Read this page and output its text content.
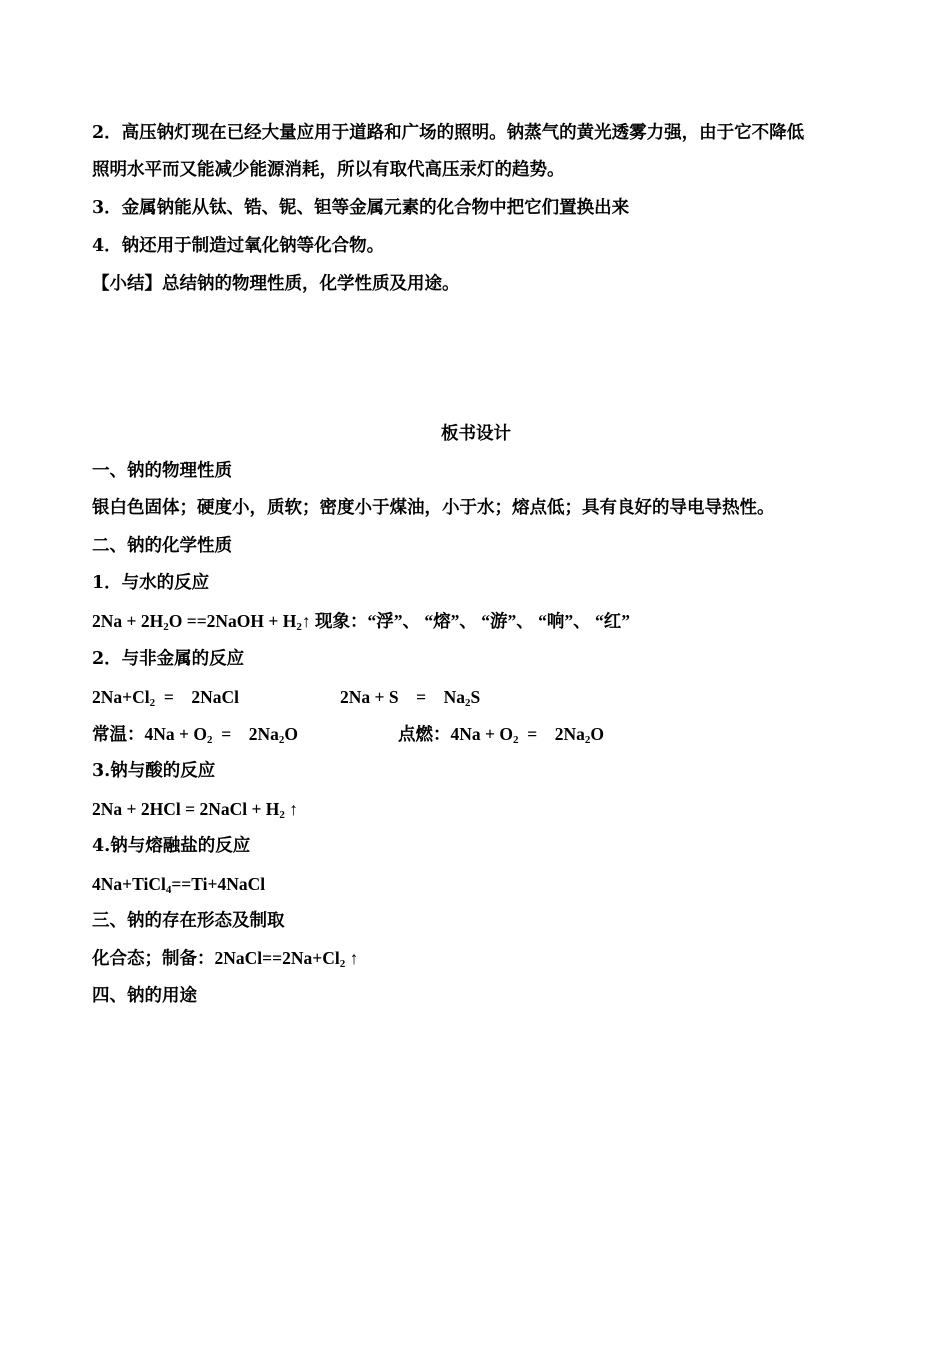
2．高压钠灯现在已经大量应用于道路和广场的照明。钠蒸气的黄光透雾力强，由于它不降低
照明水平而又能减少能源消耗，所以有取代高压汞灯的趋势。
3．金属钠能从钛、锆、铌、钽等金属元素的化合物中把它们置换出来
4．钠还用于制造过氧化钠等化合物。
【小结】总结钠的物理性质，化学性质及用途。
板书设计
一、钠的物理性质
银白色固体；硬度小，质软；密度小于煤油，小于水；熔点低；具有良好的导电导热性。
二、钠的化学性质
1．与水的反应
$2Na + 2H_2O$ ==2NaOH + $H_2↑$ 现象：“浮”、 “熔”、 “游”、 “响”、 “红”
2．与非金属的反应
$2Na+Cl_2$  =    2NaCl	2Na + S    =    $Na_2S$
常温：$4Na + O_2$  =    $2Na_2O$	点燃：$4Na + O_2$  =    $2Na_2O$
3.钠与酸的反应
2Na + 2HCl = 2NaCl + $H_2$ ↑
4.钠与熔融盐的反应
4Na+TiCl$_4$==Ti+4NaCl
三、钠的存在形态及制取
化合态；制备：$2NaCl==2Na+Cl_2$ ↑
四、钠的用途
